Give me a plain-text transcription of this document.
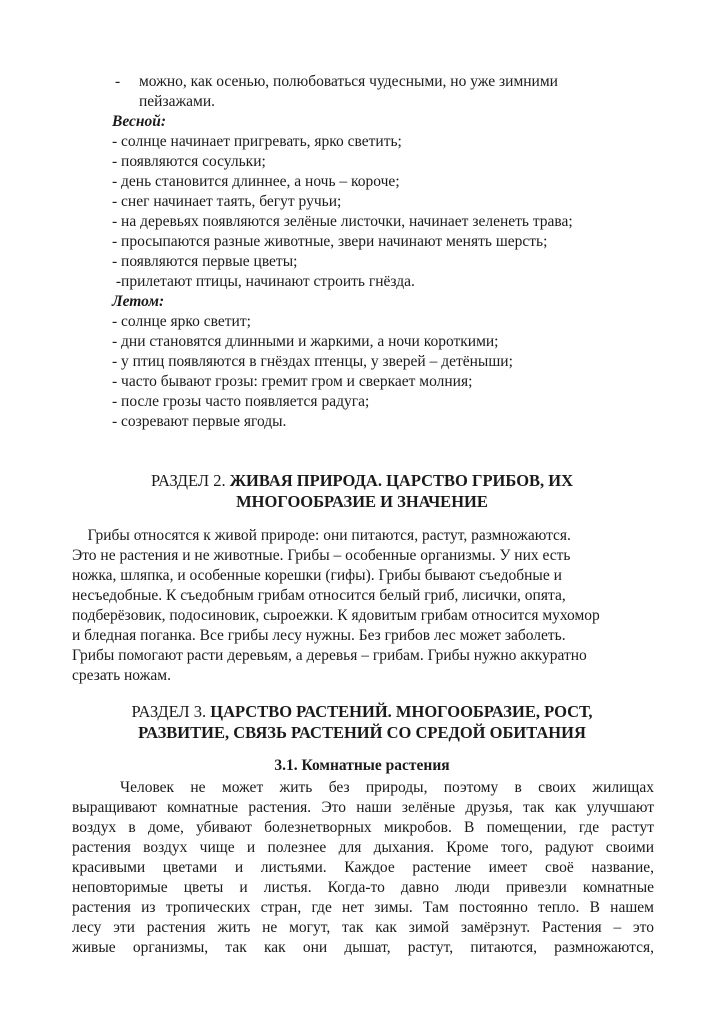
- можно, как осенью, полюбоваться чудесными, но уже зимними
пейзажами.
Весной:
- солнце начинает пригревать, ярко светить;
- появляются сосульки;
- день становится длиннее, а ночь – короче;
- снег начинает таять, бегут ручьи;
- на деревьях появляются зелёные листочки, начинает зеленеть трава;
- просыпаются разные животные, звери начинают менять шерсть;
- появляются первые цветы;
-прилетают птицы, начинают строить гнёзда.
Летом:
- солнце ярко светит;
- дни становятся длинными и жаркими, а ночи короткими;
- у птиц появляются в гнёздах птенцы, у зверей – детёныши;
- часто бывают грозы: гремит гром и сверкает молния;
- после грозы часто появляется радуга;
- созревают первые ягоды.
РАЗДЕЛ 2. ЖИВАЯ ПРИРОДА. ЦАРСТВО ГРИБОВ, ИХ
МНОГООБРАЗИЕ И ЗНАЧЕНИЕ
Грибы относятся к живой природе: они питаются, растут, размножаются.
Это не растения и не животные. Грибы – особенные организмы. У них есть
ножка, шляпка, и особенные корешки (гифы). Грибы бывают съедобные и
несъедобные. К съедобным грибам относится белый гриб, лисички, опята,
подберёзовик, подосиновик, сыроежки. К ядовитым грибам относится мухомор
и бледная поганка. Все грибы лесу нужны. Без грибов лес может заболеть.
Грибы помогают расти деревьям, а деревья – грибам. Грибы нужно аккуратно
срезать ножам.
РАЗДЕЛ 3. ЦАРСТВО РАСТЕНИЙ. МНОГООБРАЗИЕ, РОСТ,
РАЗВИТИЕ, СВЯЗЬ РАСТЕНИЙ СО СРЕДОЙ ОБИТАНИЯ
3.1. Комнатные растения
Человек не может жить без природы, поэтому в своих жилищах
выращивают комнатные растения. Это наши зелёные друзья, так как улучшают
воздух в доме, убивают болезнетворных микробов. В помещении, где растут
растения воздух чище и полезнее для дыхания. Кроме того, радуют своими
красивыми цветами и листьями. Каждое растение имеет своё название,
неповторимые цветы и листья. Когда-то давно люди привезли комнатные
растения из тропических стран, где нет зимы. Там постоянно тепло. В нашем
лесу эти растения жить не могут, так как зимой замёрзнут. Растения – это
живые организмы, так как они дышат, растут, питаются, размножаются,
